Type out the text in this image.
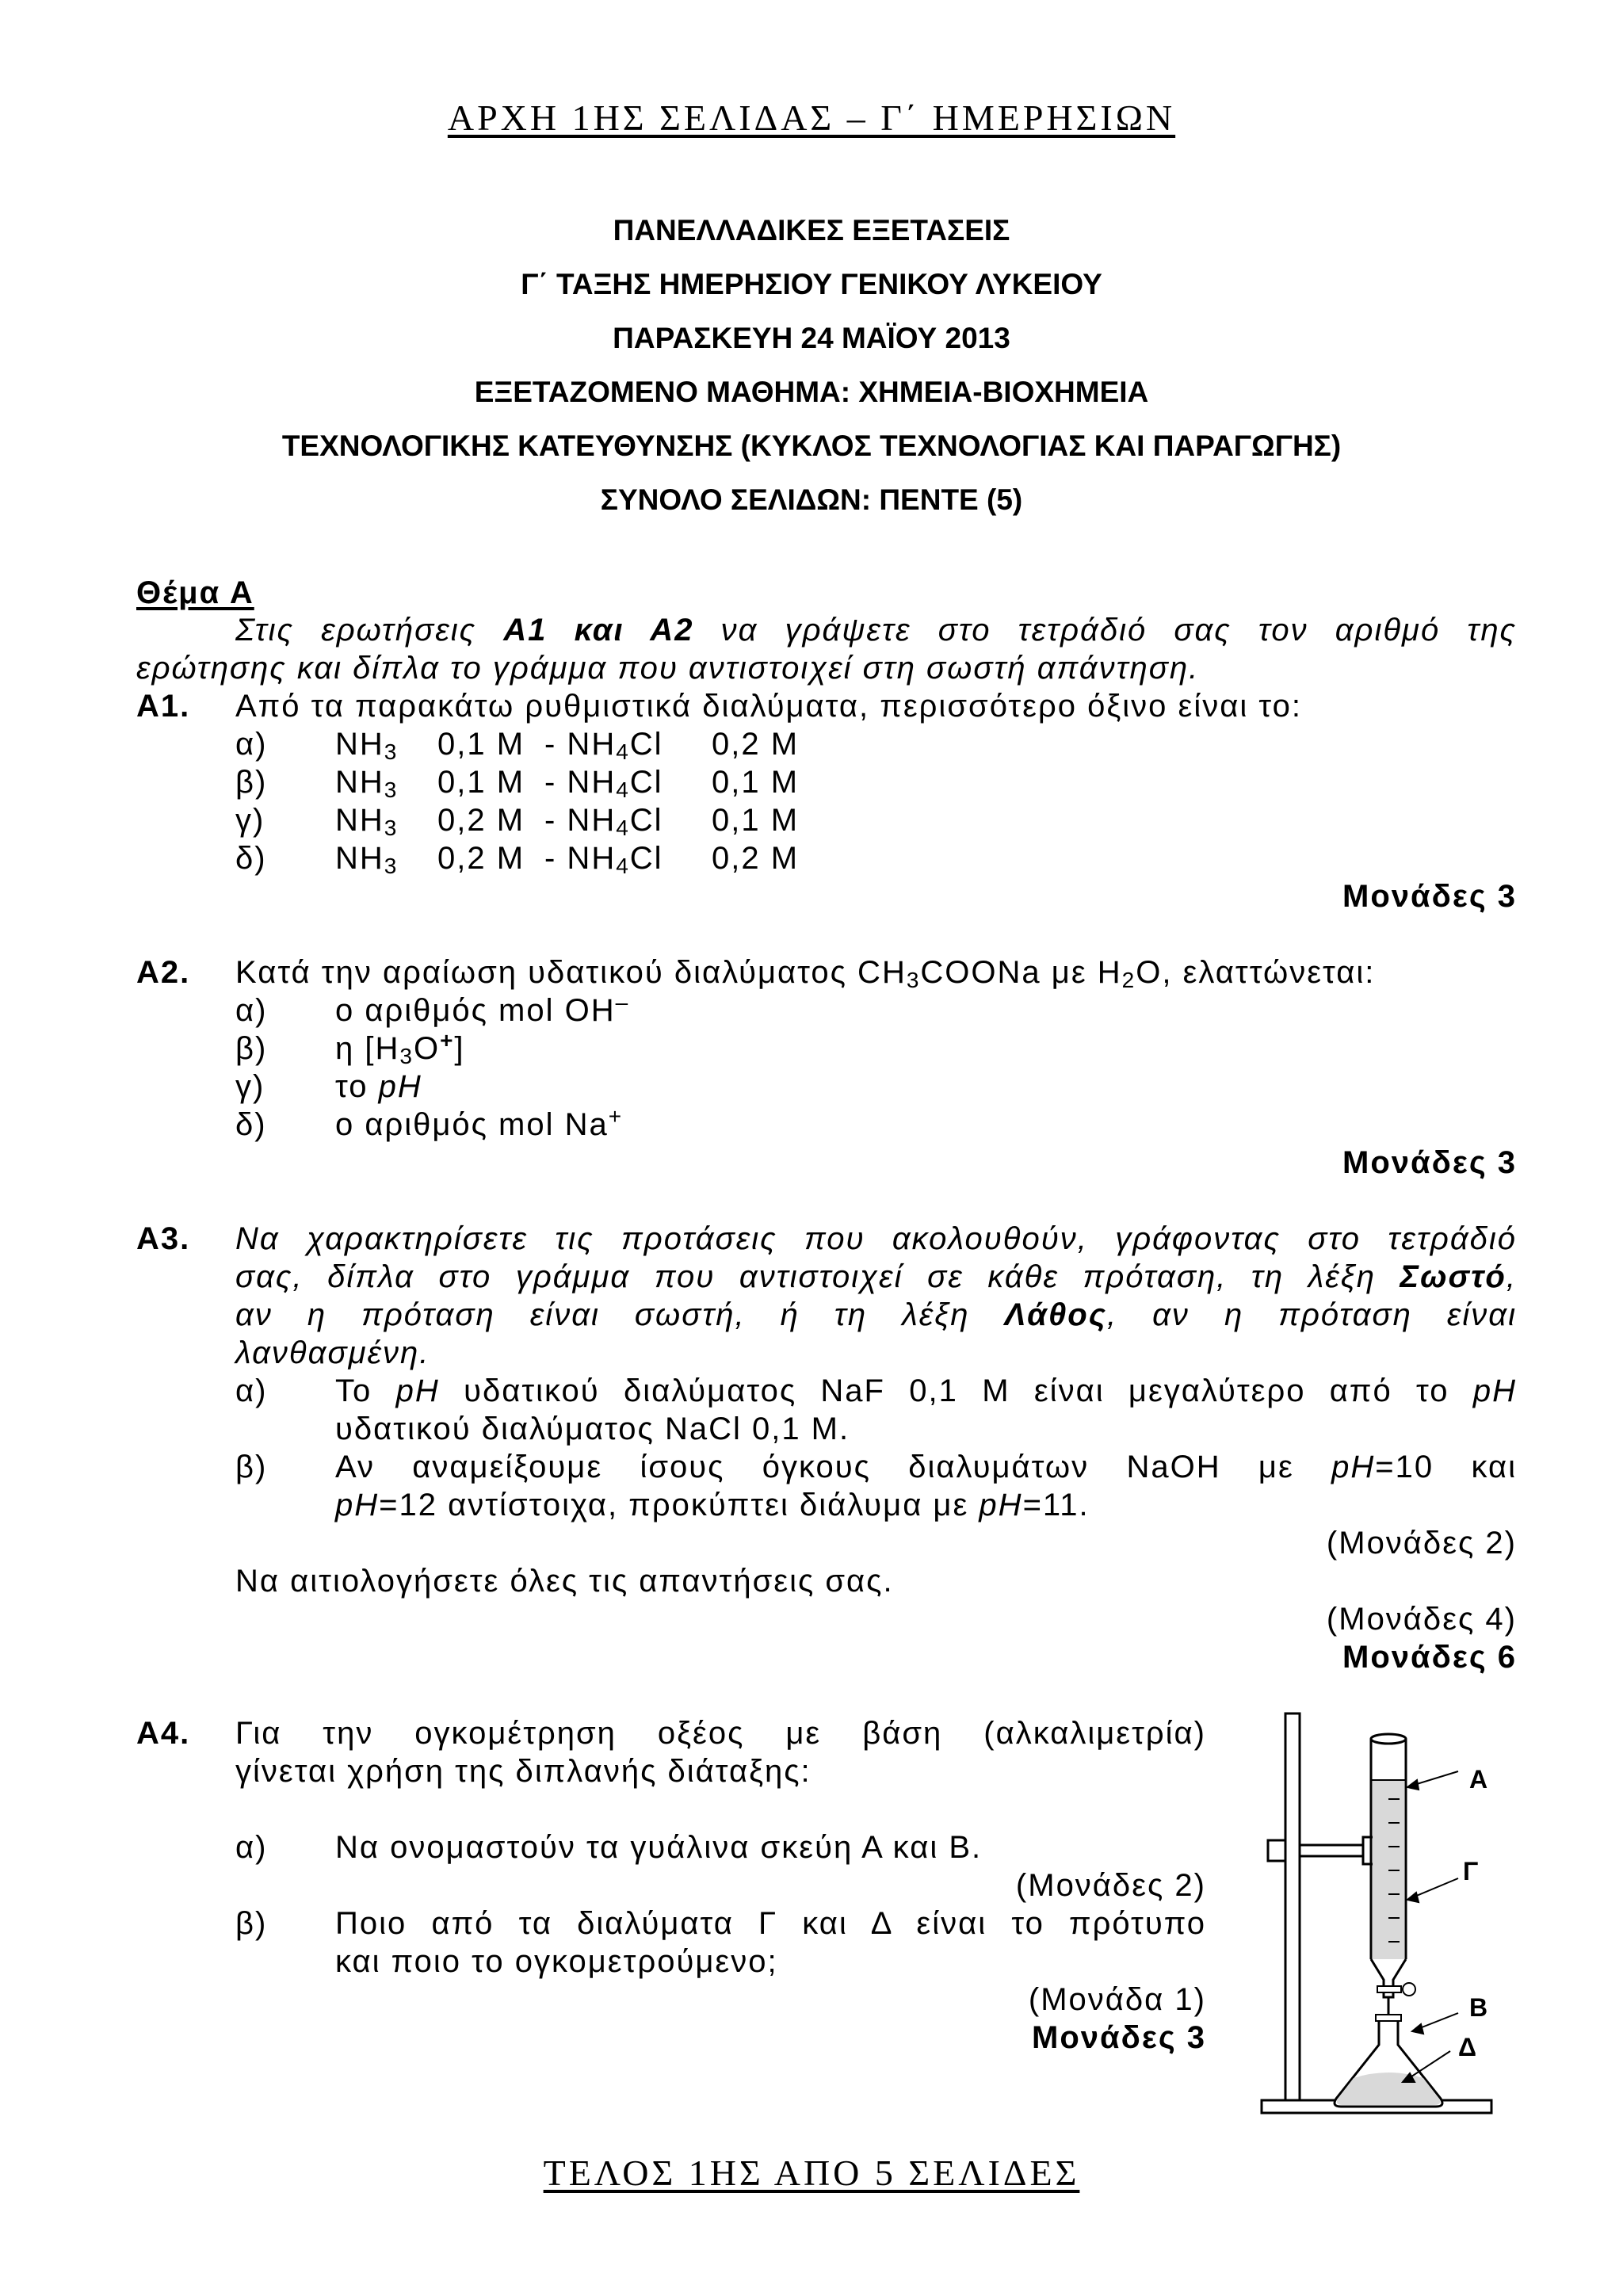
ΑΡΧΗ 1ΗΣ ΣΕΛΙΔΑΣ – Γ΄ ΗΜΕΡΗΣΙΩΝ
ΠΑΝΕΛΛΑΔΙΚΕΣ ΕΞΕΤΑΣΕΙΣ
Γ΄ ΤΑΞΗΣ ΗΜΕΡΗΣΙΟΥ ΓΕΝΙΚΟΥ ΛΥΚΕΙΟΥ
ΠΑΡΑΣΚΕΥΗ 24 ΜΑΪΟΥ 2013
ΕΞΕΤΑΖΟΜΕΝΟ ΜΑΘΗΜΑ: ΧΗΜΕΙΑ-ΒΙΟΧΗΜΕΙΑ
ΤΕΧΝΟΛΟΓΙΚΗΣ ΚΑΤΕΥΘΥΝΣΗΣ (ΚΥΚΛΟΣ ΤΕΧΝΟΛΟΓΙΑΣ ΚΑΙ ΠΑΡΑΓΩΓΗΣ)
ΣΥΝΟΛΟ ΣΕΛΙΔΩΝ: ΠΕΝΤΕ (5)
Θέμα Α
Στις ερωτήσεις Α1 και Α2 να γράψετε στο τετράδιό σας τον αριθμό της
ερώτησης και δίπλα το γράμμα που αντιστοιχεί στη σωστή απάντηση.
Α1. Από τα παρακάτω ρυθμιστικά διαλύματα, περισσότερο όξινο είναι το:
α) $NH_3$ 0,1 Μ - $NH_4Cl$ 0,2 Μ
β) $NH_3$ 0,1 Μ - $NH_4Cl$ 0,1 Μ
γ) $NH_3$ 0,2 Μ - $NH_4Cl$ 0,1 Μ
δ) $NH_3$ 0,2 Μ - $NH_4Cl$ 0,2 Μ
Μονάδες 3
Α2. Κατά την αραίωση υδατικού διαλύματος $CH_3COONa$ με $H_2O$, ελαττώνεται:
α) ο αριθμός mol OH–
β) η $[H_3O^+]$
γ) το pH
δ) ο αριθμός mol Na+
Μονάδες 3
Α3. Να χαρακτηρίσετε τις προτάσεις που ακολουθούν, γράφοντας στο τετράδιό
σας, δίπλα στο γράμμα που αντιστοιχεί σε κάθε πρόταση, τη λέξη Σωστό,
αν η πρόταση είναι σωστή, ή τη λέξη Λάθος, αν η πρόταση είναι
λανθασμένη.
α) Το pH υδατικού διαλύματος NaF 0,1 M είναι μεγαλύτερο από το pH
υδατικού διαλύματος NaCl 0,1 M.
β) Αν αναμείξουμε ίσους όγκους διαλυμάτων NaOH με pH=10 και
pH=12 αντίστοιχα, προκύπτει διάλυμα με pH=11.
(Μονάδες 2)
Να αιτιολογήσετε όλες τις απαντήσεις σας.
(Μονάδες 4)
Μονάδες 6
Α4. Για την ογκομέτρηση οξέος με βάση (αλκαλιμετρία)
γίνεται χρήση της διπλανής διάταξης:
α) Να ονομαστούν τα γυάλινα σκεύη Α και Β.
(Μονάδες 2)
β) Ποιο από τα διαλύματα Γ και Δ είναι το πρότυπο
και ποιο το ογκομετρούμενο;
(Μονάδα 1)
Μονάδες 3
Α
Γ
Β
Δ
ΤΕΛΟΣ 1ΗΣ ΑΠΟ 5 ΣΕΛΙΔΕΣ
